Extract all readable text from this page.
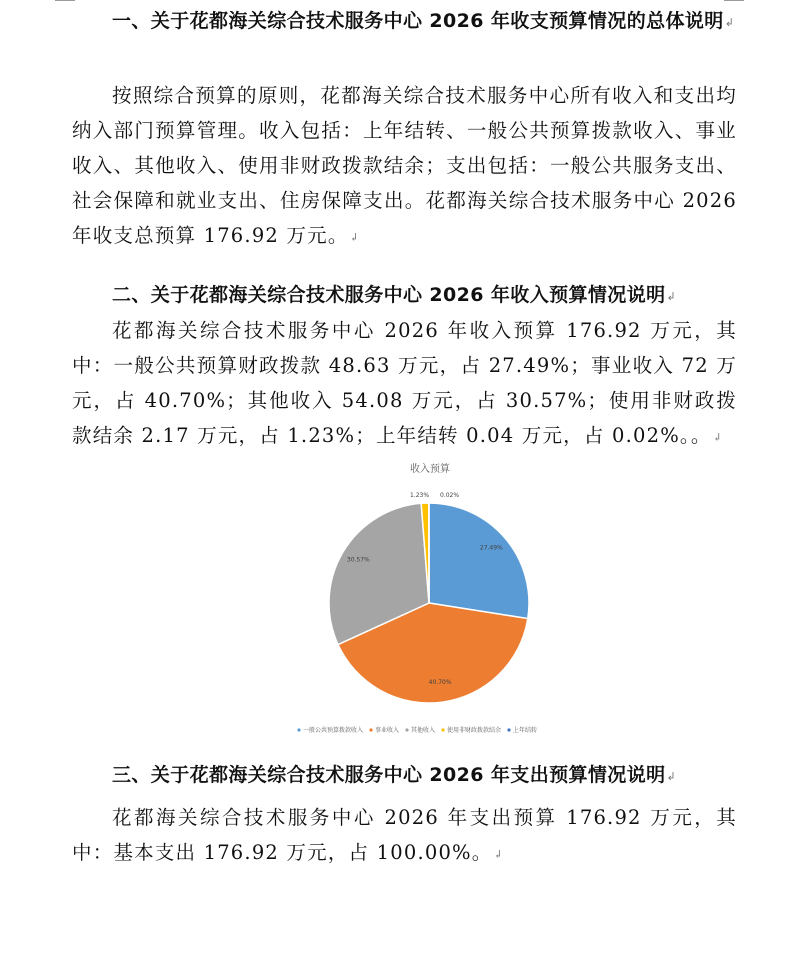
一、关于花都海关综合技术服务中心 2026 年收支预算情况的总体说明↲

按照综合预算的原则，花都海关综合技术服务中心所有收入和支出均纳入部门预算管理。收入包括：上年结转、一般公共预算拨款收入、事业收入、其他收入、使用非财政拨款结余；支出包括：一般公共服务支出、社会保障和就业支出、住房保障支出。花都海关综合技术服务中心 2026 年收支总预算 176.92 万元。↲

二、关于花都海关综合技术服务中心 2026 年收入预算情况说明↲

花都海关综合技术服务中心 2026 年收入预算 176.92 万元，其中：一般公共预算财政拨款 48.63 万元，占 27.49%；事业收入 72 万元，占 40.70%；其他收入 54.08 万元，占 30.57%；使用非财政拨款结余 2.17 万元，占 1.23%；上年结转 0.04 万元，占 0.02%。。↲

收入预算
27.49%
40.70%
30.57%
1.23% 0.02%
一般公共预算拨款收入 事业收入 其他收入 使用非财政拨款结余 上年结转

三、关于花都海关综合技术服务中心 2026 年支出预算情况说明↲

花都海关综合技术服务中心 2026 年支出预算 176.92 万元，其中：基本支出 176.92 万元，占 100.00%。↲
